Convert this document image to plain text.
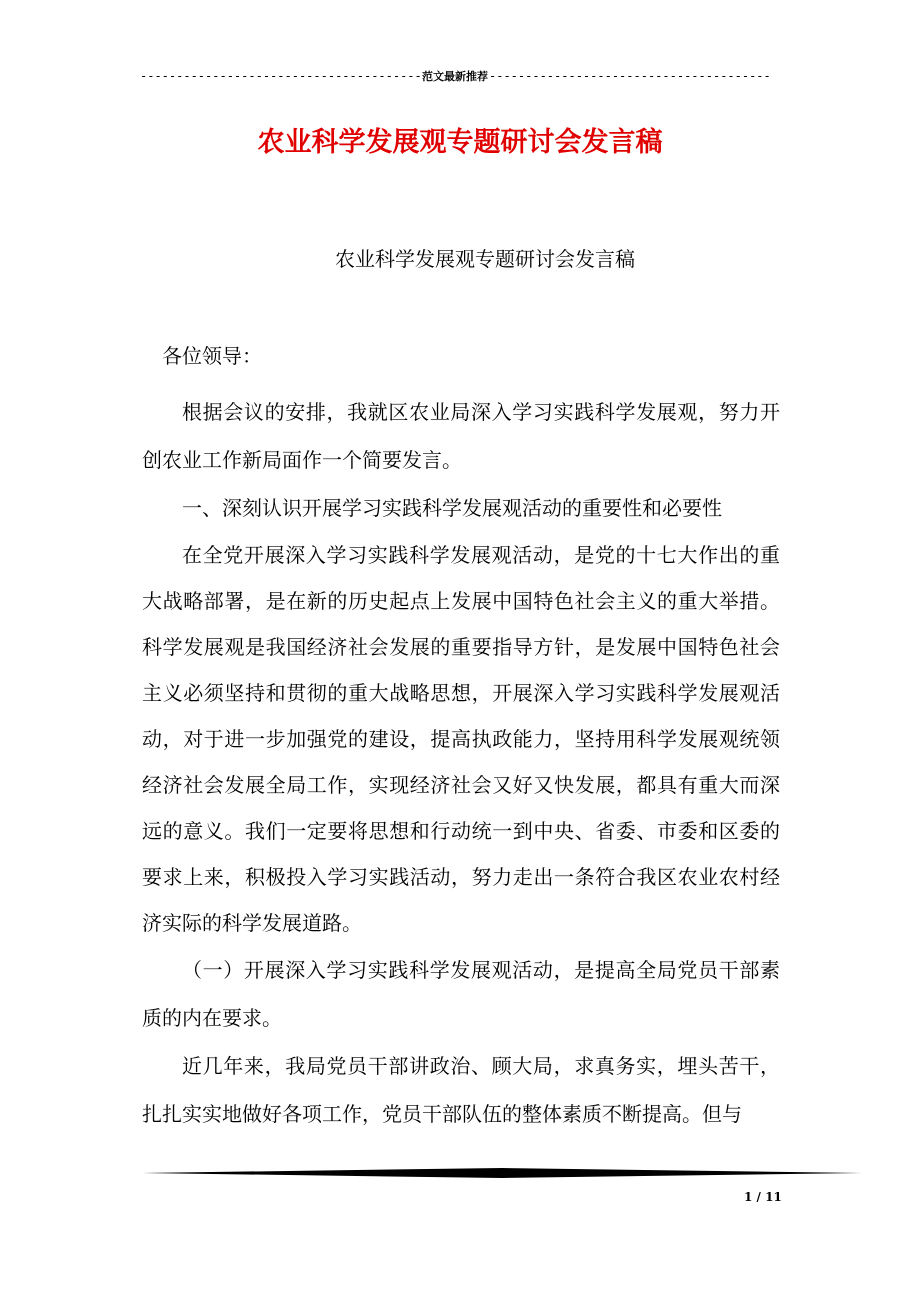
-----
范文最新推荐
-----
农业科学发展观专题研讨会发言稿
农业科学发展观专题研讨会发言稿

各位领导：

根据会议的安排，我就区农业局深入学习实践科学发展观，努力开创农业工作新局面作一个简要发言。

一、深刻认识开展学习实践科学发展观活动的重要性和必要性

在全党开展深入学习实践科学发展观活动，是党的十七大作出的重大战略部署，是在新的历史起点上发展中国特色社会主义的重大举措。科学发展观是我国经济社会发展的重要指导方针，是发展中国特色社会主义必须坚持和贯彻的重大战略思想，开展深入学习实践科学发展观活动，对于进一步加强党的建设，提高执政能力，坚持用科学发展观统领经济社会发展全局工作，实现经济社会又好又快发展，都具有重大而深远的意义。我们一定要将思想和行动统一到中央、省委、市委和区委的要求上来，积极投入学习实践活动，努力走出一条符合我区农业农村经济实际的科学发展道路。

（一）开展深入学习实践科学发展观活动，是提高全局党员干部素质的内在要求。

近几年来，我局党员干部讲政治、顾大局，求真务实，埋头苦干，扎扎实实地做好各项工作，党员干部队伍的整体素质不断提高。但与

1 / 11
